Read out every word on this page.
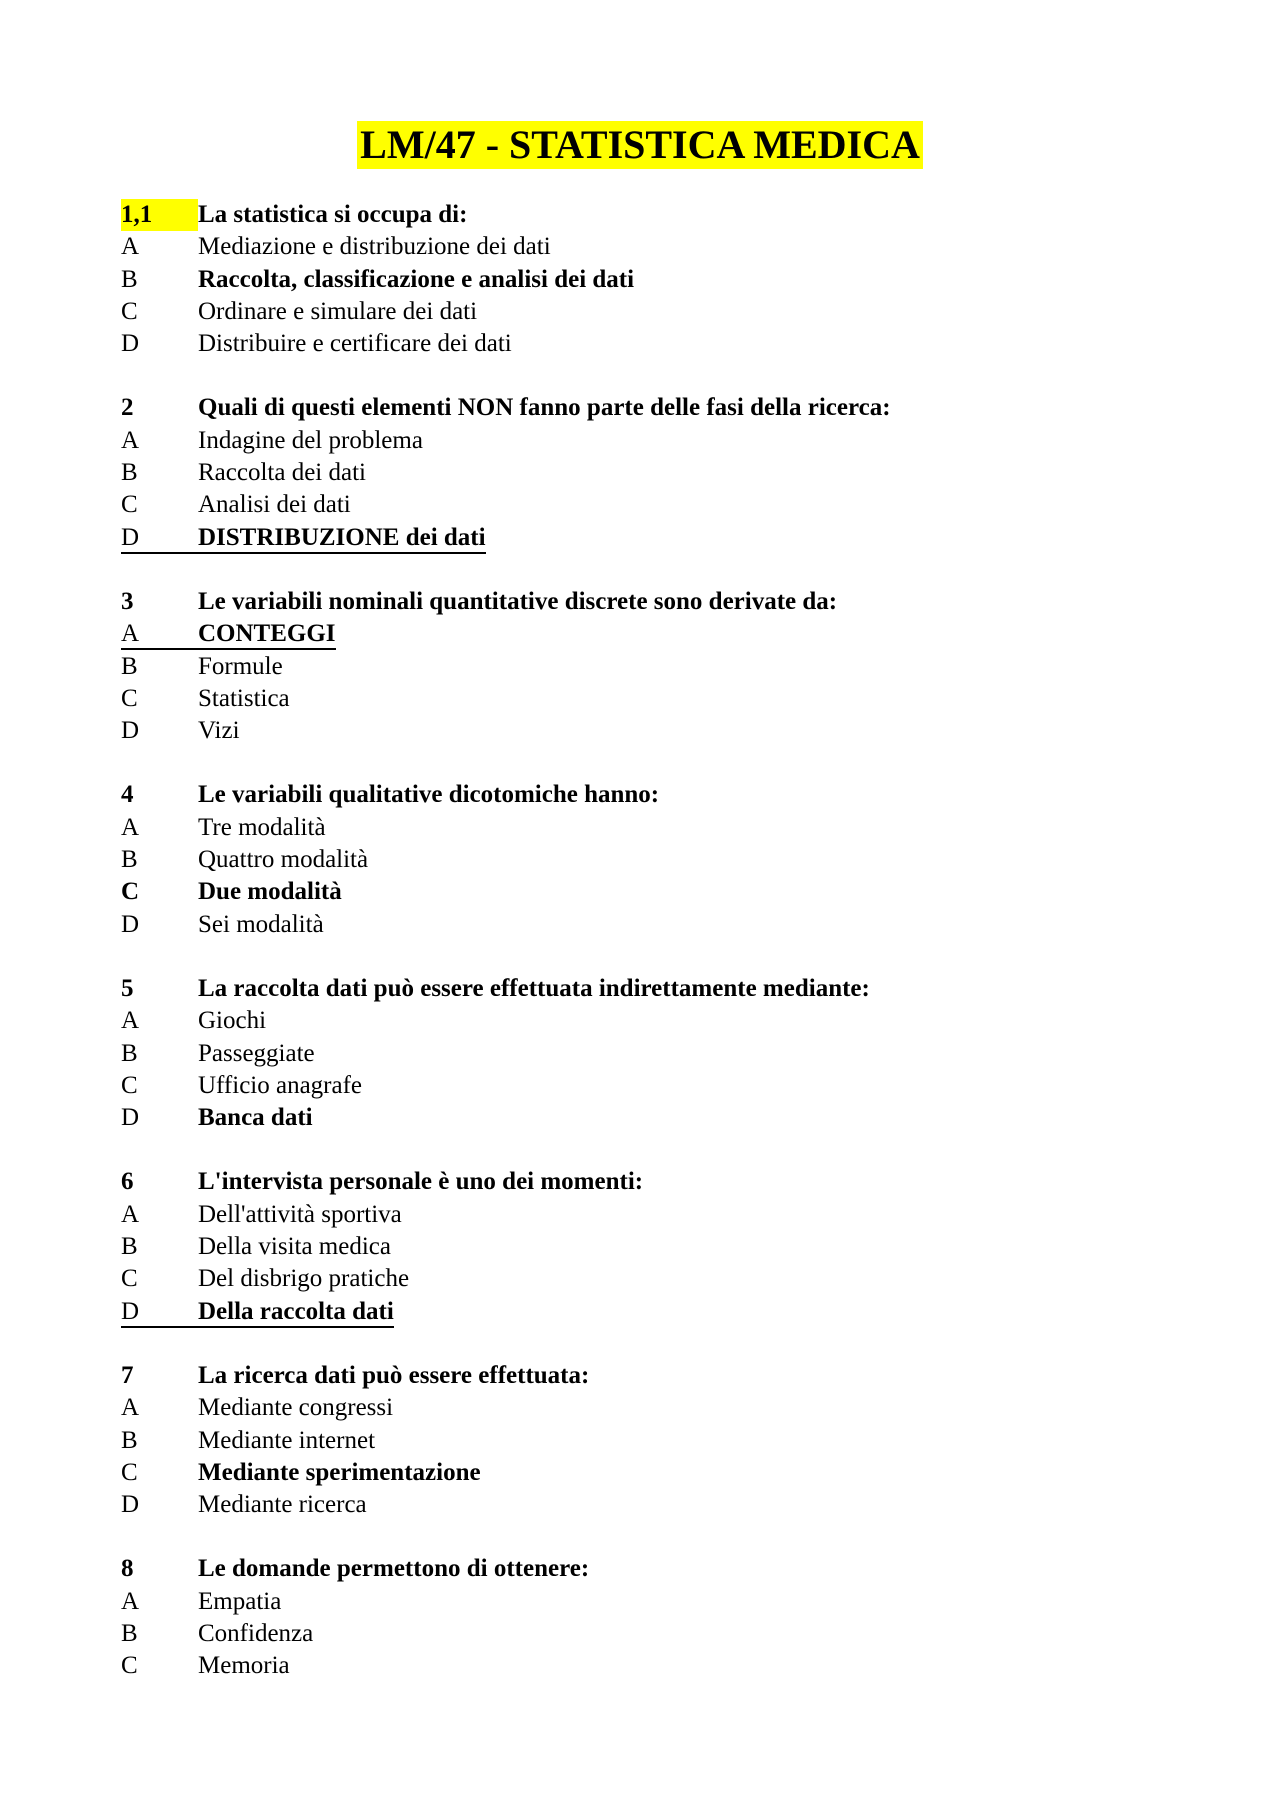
LM/47 - STATISTICA MEDICA
1,1 La statistica si occupa di:
A Mediazione e distribuzione dei dati
B Raccolta, classificazione e analisi dei dati
C Ordinare e simulare dei dati
D Distribuire e certificare dei dati
2	Quali di questi elementi NON fanno parte delle fasi della ricerca:
A Indagine del problema
B Raccolta dei dati
C Analisi dei dati
D DISTRIBUZIONE dei dati
3	Le variabili nominali quantitative discrete sono derivate da:
A CONTEGGI
B Formule
C Statistica
D Vizi
4	Le variabili qualitative dicotomiche hanno:
A Tre modalità
B Quattro modalità
C Due modalità
D Sei modalità
5	La raccolta dati può essere effettuata indirettamente mediante:
A Giochi
B Passeggiate
C Ufficio anagrafe
D Banca dati
6	L'intervista personale è uno dei momenti:
A Dell'attività sportiva
B Della visita medica
C Del disbrigo pratiche
D Della raccolta dati
7	La ricerca dati può essere effettuata:
A Mediante congressi
B Mediante internet
C Mediante sperimentazione
D Mediante ricerca
8	Le domande permettono di ottenere:
A Empatia
B Confidenza
C Memoria
